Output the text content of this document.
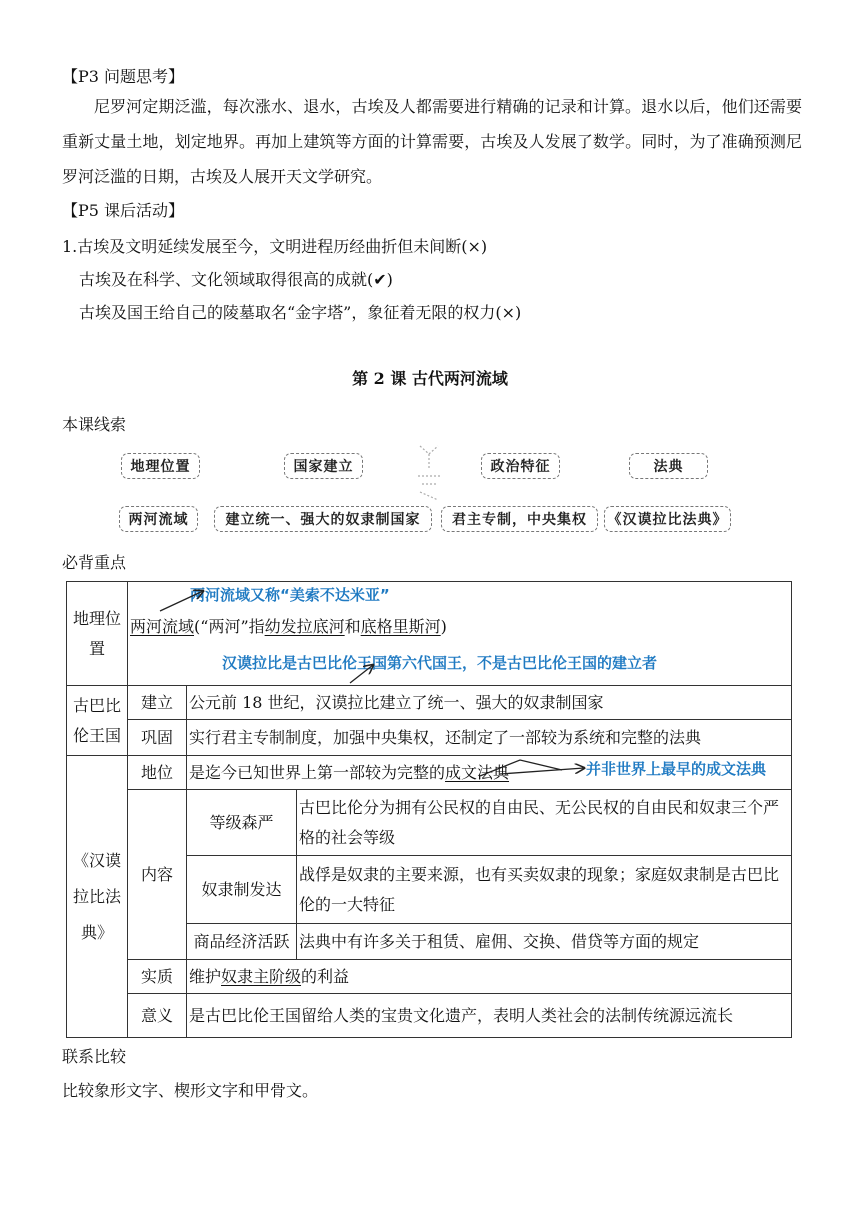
【P3 问题思考】
尼罗河定期泛滥，每次涨水、退水，古埃及人都需要进行精确的记录和计算。退水以后，他们还需要重新丈量土地，划定地界。再加上建筑等方面的计算需要，古埃及人发展了数学。同时，为了准确预测尼罗河泛滥的日期，古埃及人展开天文学研究。
【P5 课后活动】
1.古埃及文明延续发展至今，文明进程历经曲折但未间断(×)
古埃及在科学、文化领域取得很高的成就(✔)
古埃及国王给自己的陵墓取名“金字塔”，象征着无限的权力(×)
第 2 课 古代两河流域
本课线索
地理位置	国家建立	政治特征	法典
两河流域	建立统一、强大的奴隶制国家	君主专制，中央集权	《汉谟拉比法典》
必背重点
地理位置	两河流域(“两河”指幼发拉底河和底格里斯河)		
古巴比伦王国	建立	公元前 18 世纪，汉谟拉比建立了统一、强大的奴隶制国家	
	巩固	实行君主专制制度，加强中央集权，还制定了一部较为系统和完整的法典	
《汉谟拉比法典》	地位	是迄今已知世界上第一部较为完整的成文法典	
	内容	等级森严	古巴比伦分为拥有公民权的自由民、无公民权的自由民和奴隶三个严格的社会等级
		奴隶制发达	战俘是奴隶的主要来源，也有买卖奴隶的现象；家庭奴隶制是古巴比伦的一大特征
		商品经济活跃	法典中有许多关于租赁、雇佣、交换、借贷等方面的规定
	实质	维护奴隶主阶级的利益	
	意义	是古巴比伦王国留给人类的宝贵文化遗产，表明人类社会的法制传统源远流长	
两河流域又称“美索不达米亚”
汉谟拉比是古巴比伦王国第六代国王，不是古巴比伦王国的建立者
并非世界上最早的成文法典
联系比较
比较象形文字、楔形文字和甲骨文。
